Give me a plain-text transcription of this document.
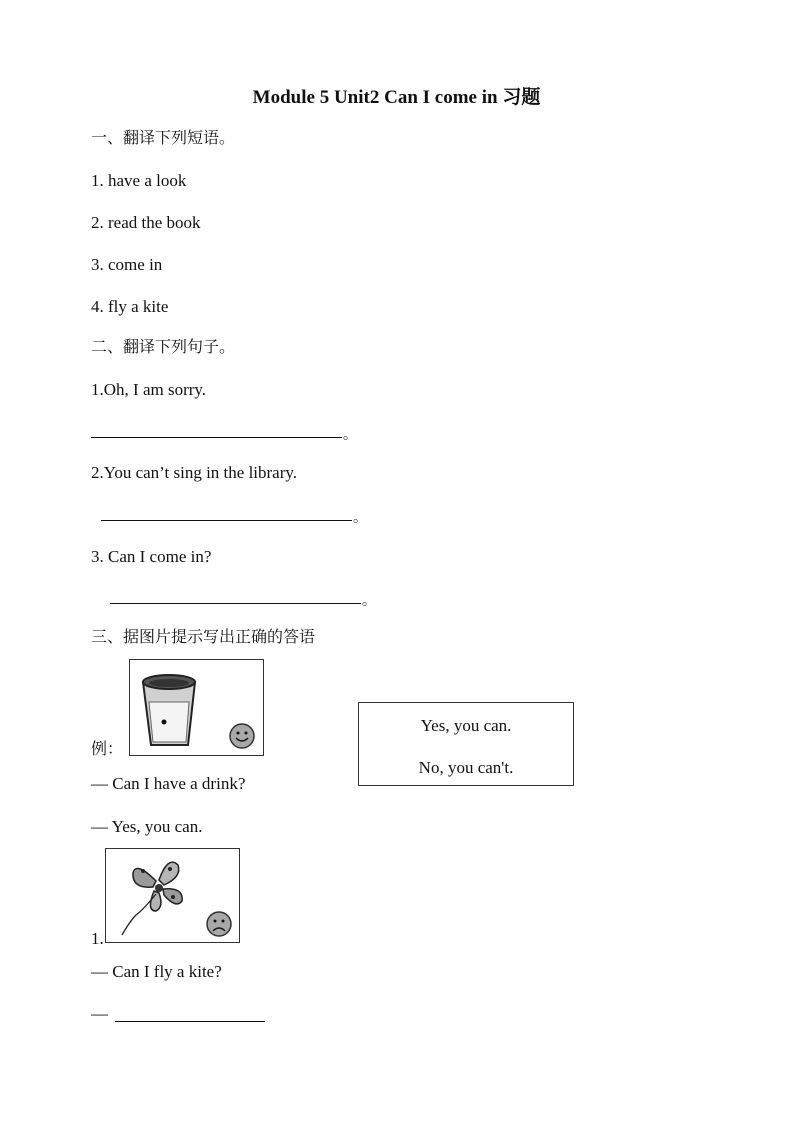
Module 5 Unit2 Can I come in 习题
一、翻译下列短语。
1. have a look
2. read the book
3. come in
4. fly a kite
二、翻译下列句子。
1.Oh, I am sorry.
。
2.You can’t sing in the library.
。
3. Can I come in?
。
三、据图片提示写出正确的答语
例：
Yes, you can.
No, you can't.
— Can I have a drink?
— Yes, you can.
1.
— Can I fly a kite?
—
